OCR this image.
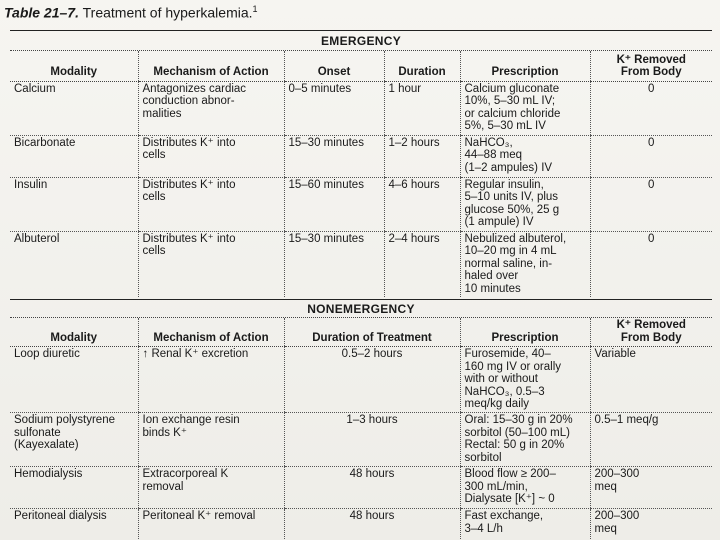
Table 21–7. Treatment of hyperkalemia.$^1$
EMERGENCY
Modality	Mechanism of Action	Onset	Duration	Prescription	K⁺ Removed
From Body
Calcium	Antagonizes cardiac
conduction abnor-
malities	0–5 minutes	1 hour	Calcium gluconate
10%, 5–30 mL IV;
or calcium chloride
5%, 5–30 mL IV	0
Bicarbonate	Distributes K⁺ into
cells	15–30 minutes	1–2 hours	NaHCO₃,
44–88 meq
(1–2 ampules) IV	0
Insulin	Distributes K⁺ into
cells	15–60 minutes	4–6 hours	Regular insulin,
5–10 units IV, plus
glucose 50%, 25 g
(1 ampule) IV	0
Albuterol	Distributes K⁺ into
cells	15–30 minutes	2–4 hours	Nebulized albuterol,
10–20 mg in 4 mL
normal saline, in-
haled over
10 minutes	0
NONEMERGENCY
Modality	Mechanism of Action	Duration of Treatment	Prescription	K⁺ Removed
From Body
Loop diuretic	↑ Renal K⁺ excretion	0.5–2 hours	Furosemide, 40–
160 mg IV or orally
with or without
NaHCO₃, 0.5–3
meq/kg daily	Variable
Sodium polystyrene
sulfonate
(Kayexalate)	Ion exchange resin
binds K⁺	1–3 hours	Oral: 15–30 g in 20%
sorbitol (50–100 mL)
Rectal: 50 g in 20%
sorbitol	0.5–1 meq/g
Hemodialysis	Extracorporeal K
removal	48 hours	Blood flow ≥ 200–
300 mL/min,
Dialysate [K⁺] ~ 0	200–300
meq
Peritoneal dialysis	Peritoneal K⁺ removal	48 hours	Fast exchange,
3–4 L/h	200–300
meq
